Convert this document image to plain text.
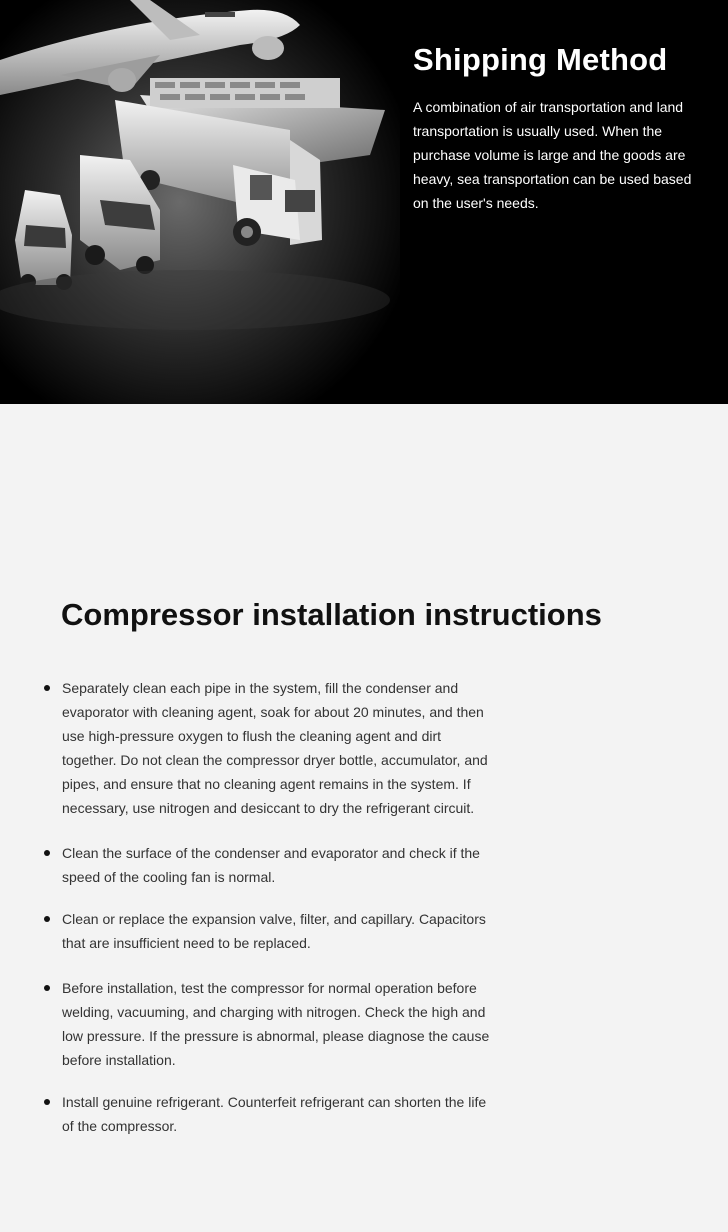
Shipping Method

A combination of air transportation and land transportation is usually used. When the purchase volume is large and the goods are heavy, sea transportation can be used based on the user's needs.

Compressor installation instructions
Separately clean each pipe in the system, fill the condenser and evaporator with cleaning agent, soak for about 20 minutes, and then use high-pressure oxygen to flush the cleaning agent and dirt together. Do not clean the compressor dryer bottle, accumulator, and pipes, and ensure that no cleaning agent remains in the system. If necessary, use nitrogen and desiccant to dry the refrigerant circuit.
Clean the surface of the condenser and evaporator and check if the speed of the cooling fan is normal.
Clean or replace the expansion valve, filter, and capillary. Capacitors that are insufficient need to be replaced.
Before installation, test the compressor for normal operation before welding, vacuuming, and charging with nitrogen. Check the high and low pressure. If the pressure is abnormal, please diagnose the cause before installation.
Install genuine refrigerant. Counterfeit refrigerant can shorten the life of the compressor.
